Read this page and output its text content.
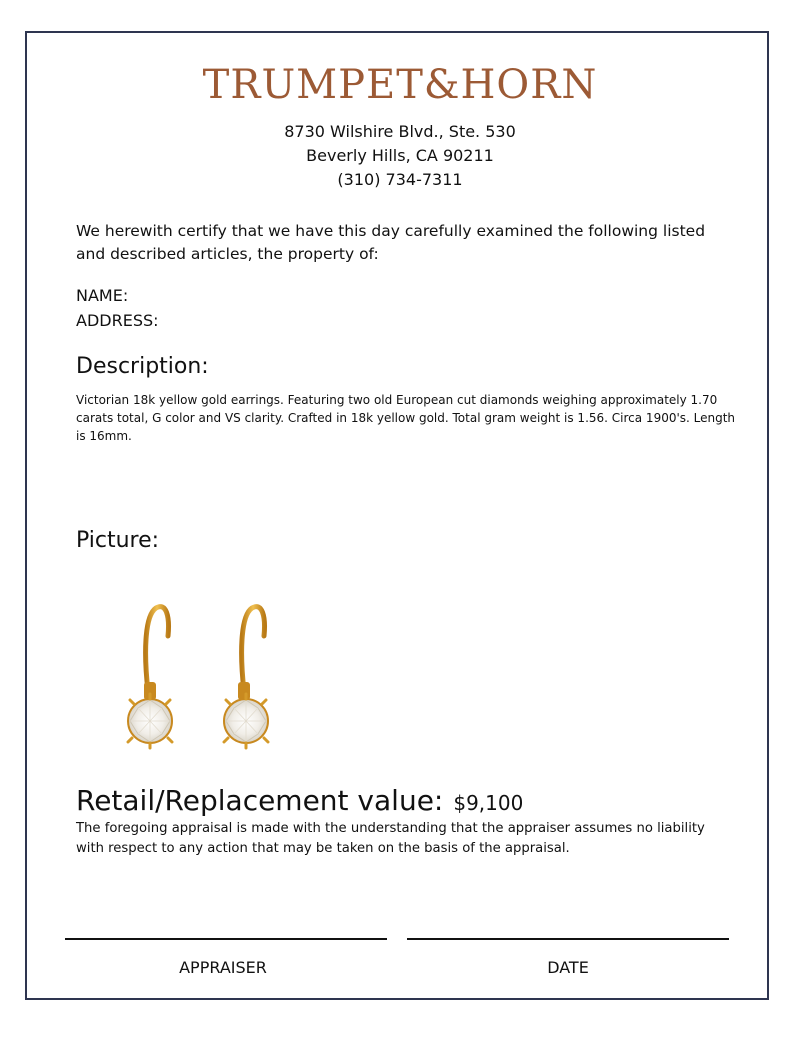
TRUMPET&HORN
8730 Wilshire Blvd., Ste. 530
Beverly Hills, CA 90211
(310) 734-7311
We herewith certify that we have this day carefully examined the following listed and described articles, the property of:
NAME:
ADDRESS:
Description:
Victorian 18k yellow gold earrings. Featuring two old European cut diamonds weighing approximately 1.70 carats total, G color and VS clarity. Crafted in 18k yellow gold. Total gram weight is 1.56. Circa 1900's. Length is 16mm.
Picture:
Retail/Replacement value: $9,100
The foregoing appraisal is made with the understanding that the appraiser assumes no liability with respect to any action that may be taken on the basis of the appraisal.
APPRAISER	DATE
